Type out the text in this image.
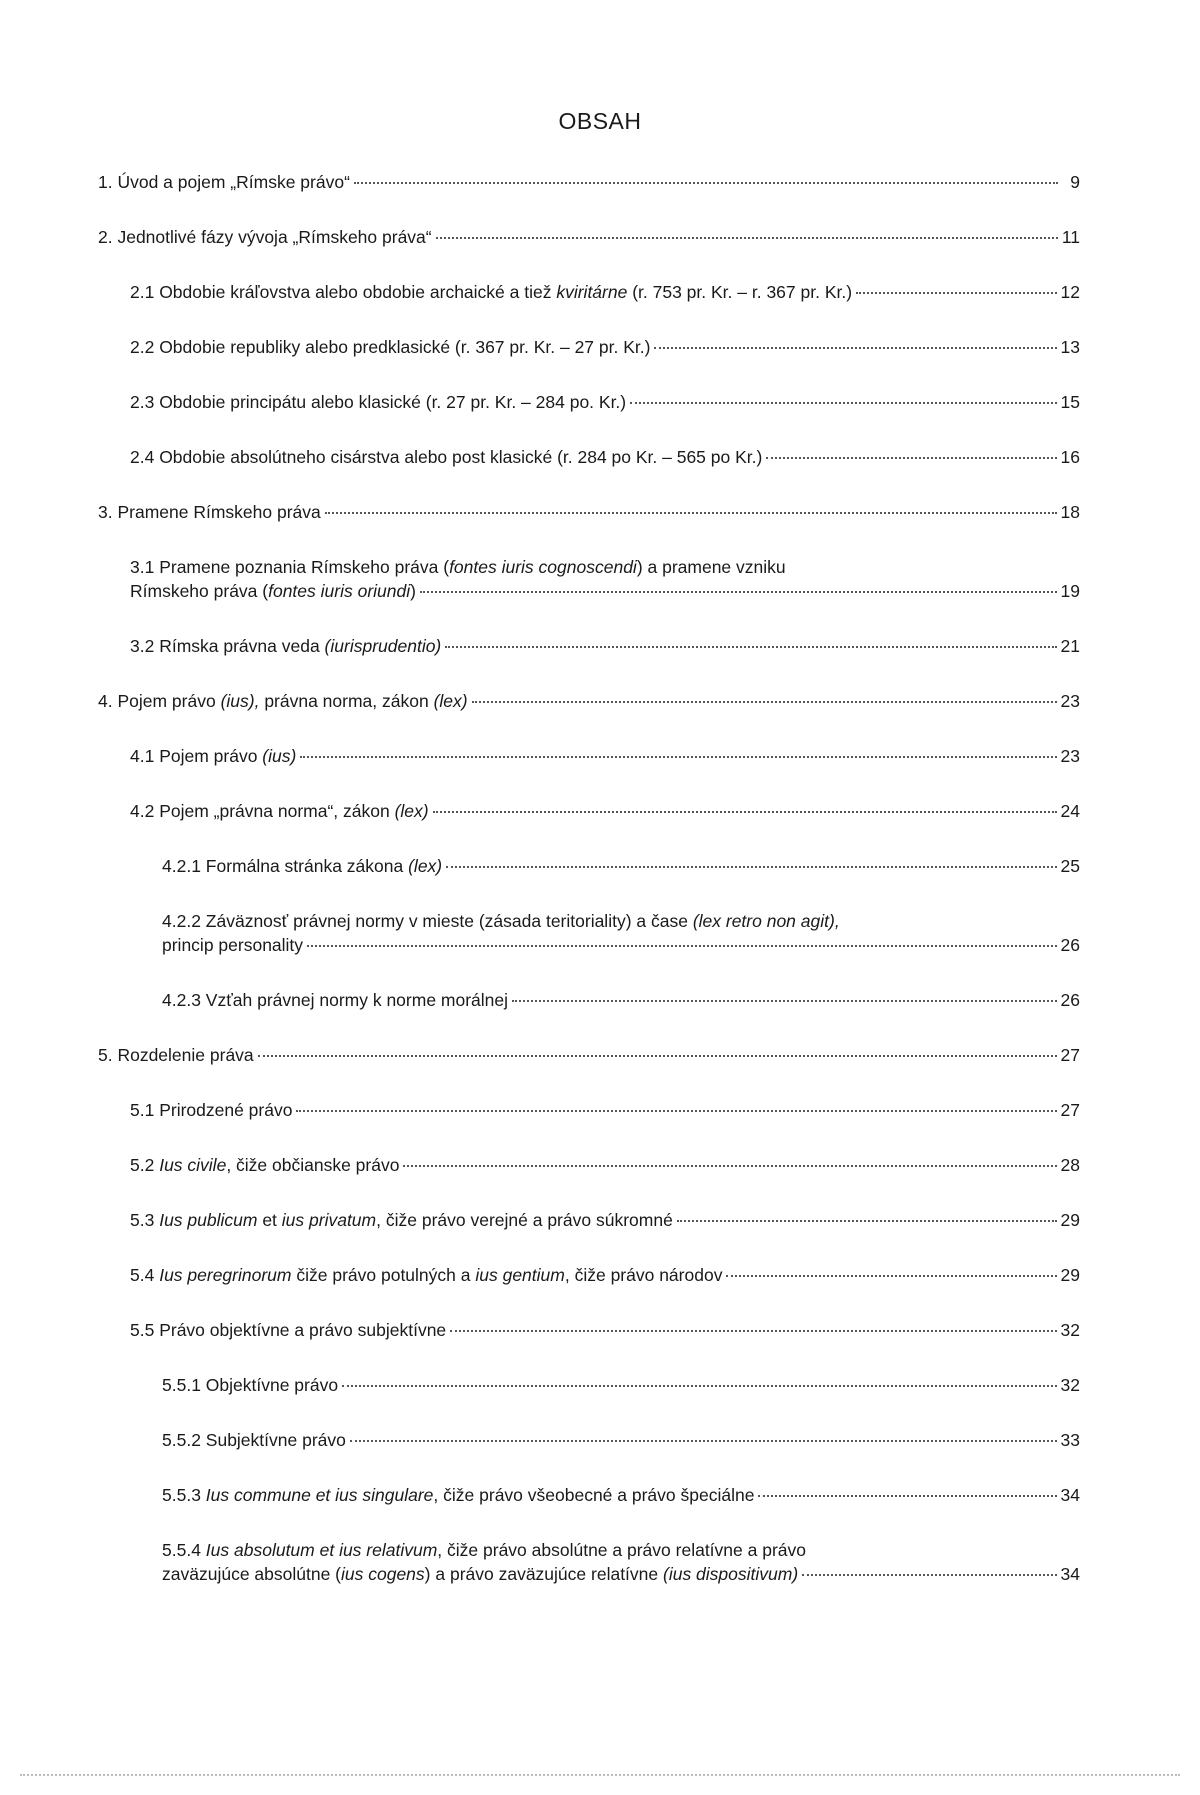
OBSAH
1. Úvod a pojem „Rímske právo“	9
2. Jednotlivé fázy vývoja „Rímskeho práva“	11
2.1 Obdobie kráľovstva alebo obdobie archaické a tiež kviritárne (r. 753 pr. Kr. – r. 367 pr. Kr.)	12
2.2 Obdobie republiky alebo predklasické (r. 367 pr. Kr. – 27 pr. Kr.)	13
2.3 Obdobie principátu alebo klasické (r. 27 pr. Kr. – 284 po. Kr.)	15
2.4 Obdobie absolútneho cisárstva alebo post klasické (r. 284 po Kr. – 565 po Kr.)	16
3. Pramene Rímskeho práva	18
3.1 Pramene poznania Rímskeho práva (fontes iuris cognoscendi) a pramene vzniku
Rímskeho práva (fontes iuris oriundi)	19
3.2 Rímska právna veda (iurisprudentio)	21
4. Pojem právo (ius), právna norma, zákon (lex)	23
4.1 Pojem právo (ius)	23
4.2 Pojem „právna norma“, zákon (lex)	24
4.2.1 Formálna stránka zákona (lex)	25
4.2.2 Záväznosť právnej normy v mieste (zásada teritoriality) a čase (lex retro non agit),
princip personality	26
4.2.3 Vzťah právnej normy k norme morálnej	26
5. Rozdelenie práva	27
5.1 Prirodzené právo	27
5.2 Ius civile, čiže občianske právo	28
5.3 Ius publicum et ius privatum, čiže právo verejné a právo súkromné	29
5.4 Ius peregrinorum čiže právo potulných a ius gentium, čiže právo národov	29
5.5 Právo objektívne a právo subjektívne	32
5.5.1 Objektívne právo	32
5.5.2 Subjektívne právo	33
5.5.3 Ius commune et ius singulare, čiže právo všeobecné a právo špeciálne	34
5.5.4 Ius absolutum et ius relativum, čiže právo absolútne a právo relatívne a právo
zaväzujúce absolútne (ius cogens) a právo zaväzujúce relatívne (ius dispositivum)	34
